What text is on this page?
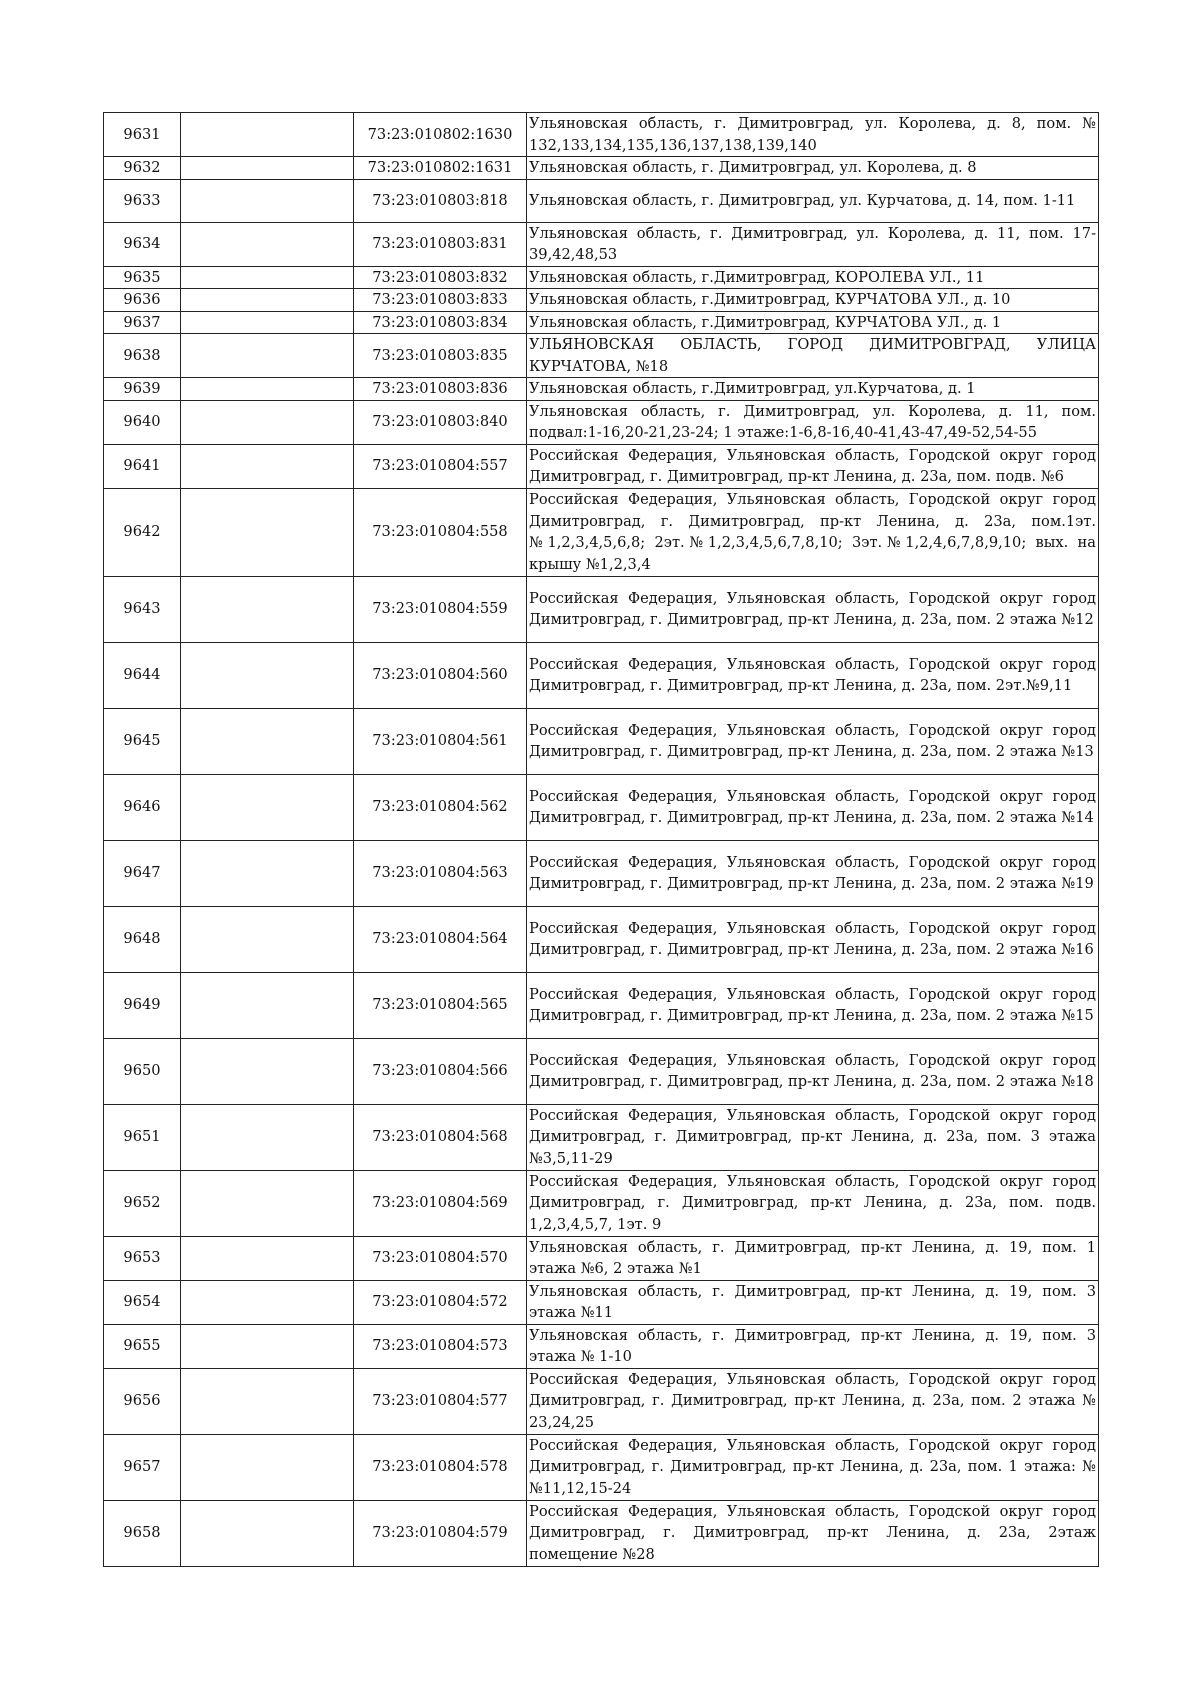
9631		73:23:010802:1630	Ульяновская область, г. Димитровград, ул. Королева, д. 8, пом. № 132,133,134,135,136,137,138,139,140
9632		73:23:010802:1631	Ульяновская область, г. Димитровград, ул. Королева, д. 8
9633		73:23:010803:818	Ульяновская область, г. Димитровград, ул. Курчатова, д. 14, пом. 1-11
9634		73:23:010803:831	Ульяновская область, г. Димитровград, ул. Королева, д. 11, пом. 17-39,42,48,53
9635		73:23:010803:832	Ульяновская область, г.Димитровград, КОРОЛЕВА УЛ., 11
9636		73:23:010803:833	Ульяновская область, г.Димитровград, КУРЧАТОВА УЛ., д. 10
9637		73:23:010803:834	Ульяновская область, г.Димитровград, КУРЧАТОВА УЛ., д. 1
9638		73:23:010803:835	УЛЬЯНОВСКАЯ ОБЛАСТЬ, ГОРОД ДИМИТРОВГРАД, УЛИЦА КУРЧАТОВА, №18
9639		73:23:010803:836	Ульяновская область, г.Димитровград, ул.Курчатова, д. 1
9640		73:23:010803:840	Ульяновская область, г. Димитровград, ул. Королева, д. 11, пом. подвал:1-16,20-21,23-24; 1 этаже:1-6,8-16,40-41,43-47,49-52,54-55
9641		73:23:010804:557	Российская Федерация, Ульяновская область, Городской округ город Димитровград, г. Димитровград, пр-кт Ленина, д. 23а, пом. подв. №6
9642		73:23:010804:558	Российская Федерация, Ульяновская область, Городской округ город Димитровград, г. Димитровград, пр-кт Ленина, д. 23а, пом.1эт.№1,2,3,4,5,6,8; 2эт.№1,2,3,4,5,6,7,8,10; 3эт.№1,2,4,6,7,8,9,10; вых. на крышу №1,2,3,4
9643		73:23:010804:559	Российская Федерация, Ульяновская область, Городской округ город Димитровград, г. Димитровград, пр-кт Ленина, д. 23а, пом. 2 этажа №12
9644		73:23:010804:560	Российская Федерация, Ульяновская область, Городской округ город Димитровград, г. Димитровград, пр-кт Ленина, д. 23а, пом. 2эт.№9,11
9645		73:23:010804:561	Российская Федерация, Ульяновская область, Городской округ город Димитровград, г. Димитровград, пр-кт Ленина, д. 23а, пом. 2 этажа №13
9646		73:23:010804:562	Российская Федерация, Ульяновская область, Городской округ город Димитровград, г. Димитровград, пр-кт Ленина, д. 23а, пом. 2 этажа №14
9647		73:23:010804:563	Российская Федерация, Ульяновская область, Городской округ город Димитровград, г. Димитровград, пр-кт Ленина, д. 23а, пом. 2 этажа №19
9648		73:23:010804:564	Российская Федерация, Ульяновская область, Городской округ город Димитровград, г. Димитровград, пр-кт Ленина, д. 23а, пом. 2 этажа №16
9649		73:23:010804:565	Российская Федерация, Ульяновская область, Городской округ город Димитровград, г. Димитровград, пр-кт Ленина, д. 23а, пом. 2 этажа №15
9650		73:23:010804:566	Российская Федерация, Ульяновская область, Городской округ город Димитровград, г. Димитровград, пр-кт Ленина, д. 23а, пом. 2 этажа №18
9651		73:23:010804:568	Российская Федерация, Ульяновская область, Городской округ город Димитровград, г. Димитровград, пр-кт Ленина, д. 23а, пом. 3 этажа №3,5,11-29
9652		73:23:010804:569	Российская Федерация, Ульяновская область, Городской округ город Димитровград, г. Димитровград, пр-кт Ленина, д. 23а, пом. подв. 1,2,3,4,5,7, 1эт. 9
9653		73:23:010804:570	Ульяновская область, г. Димитровград, пр-кт Ленина, д. 19, пом. 1 этажа №6, 2 этажа №1
9654		73:23:010804:572	Ульяновская область, г. Димитровград, пр-кт Ленина, д. 19, пом. 3 этажа №11
9655		73:23:010804:573	Ульяновская область, г. Димитровград, пр-кт Ленина, д. 19, пом. 3 этажа № 1-10
9656		73:23:010804:577	Российская Федерация, Ульяновская область, Городской округ город Димитровград, г. Димитровград, пр-кт Ленина, д. 23а, пом. 2 этажа № 23,24,25
9657		73:23:010804:578	Российская Федерация, Ульяновская область, Городской округ город Димитровград, г. Димитровград, пр-кт Ленина, д. 23а, пом. 1 этажа: №№11,12,15-24
9658		73:23:010804:579	Российская Федерация, Ульяновская область, Городской округ город Димитровград, г. Димитровград, пр-кт Ленина, д. 23а, 2этаж помещение №28
